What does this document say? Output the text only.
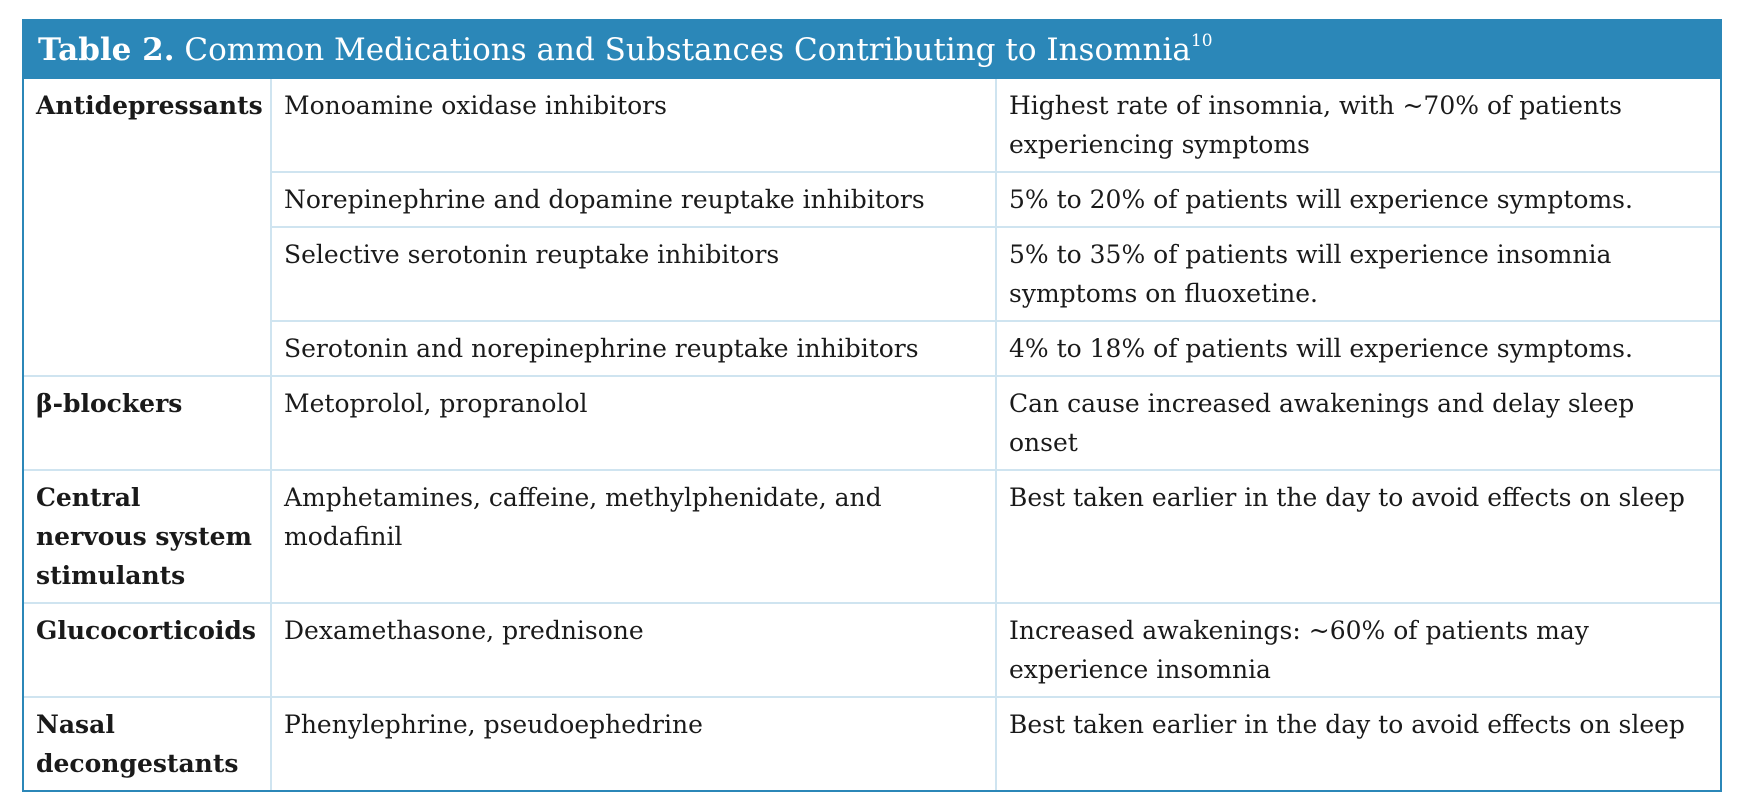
Table 2. Common Medications and Substances Contributing to Insomnia$^{10}$
Antidepressants	Monoamine oxidase inhibitors	Highest rate of insomnia, with ~70% of patients experiencing symptoms
	Norepinephrine and dopamine reuptake inhibitors	5% to 20% of patients will experience symptoms.
	Selective serotonin reuptake inhibitors	5% to 35% of patients will experience insomnia symptoms on fluoxetine.
	Serotonin and norepinephrine reuptake inhibitors	4% to 18% of patients will experience symptoms.
β-blockers	Metoprolol, propranolol	Can cause increased awakenings and delay sleep onset
Central nervous system stimulants	Amphetamines, caffeine, methylphenidate, and modafinil	Best taken earlier in the day to avoid effects on sleep
Glucocorticoids	Dexamethasone, prednisone	Increased awakenings: ~60% of patients may experience insomnia
Nasal decongestants	Phenylephrine, pseudoephedrine	Best taken earlier in the day to avoid effects on sleep
